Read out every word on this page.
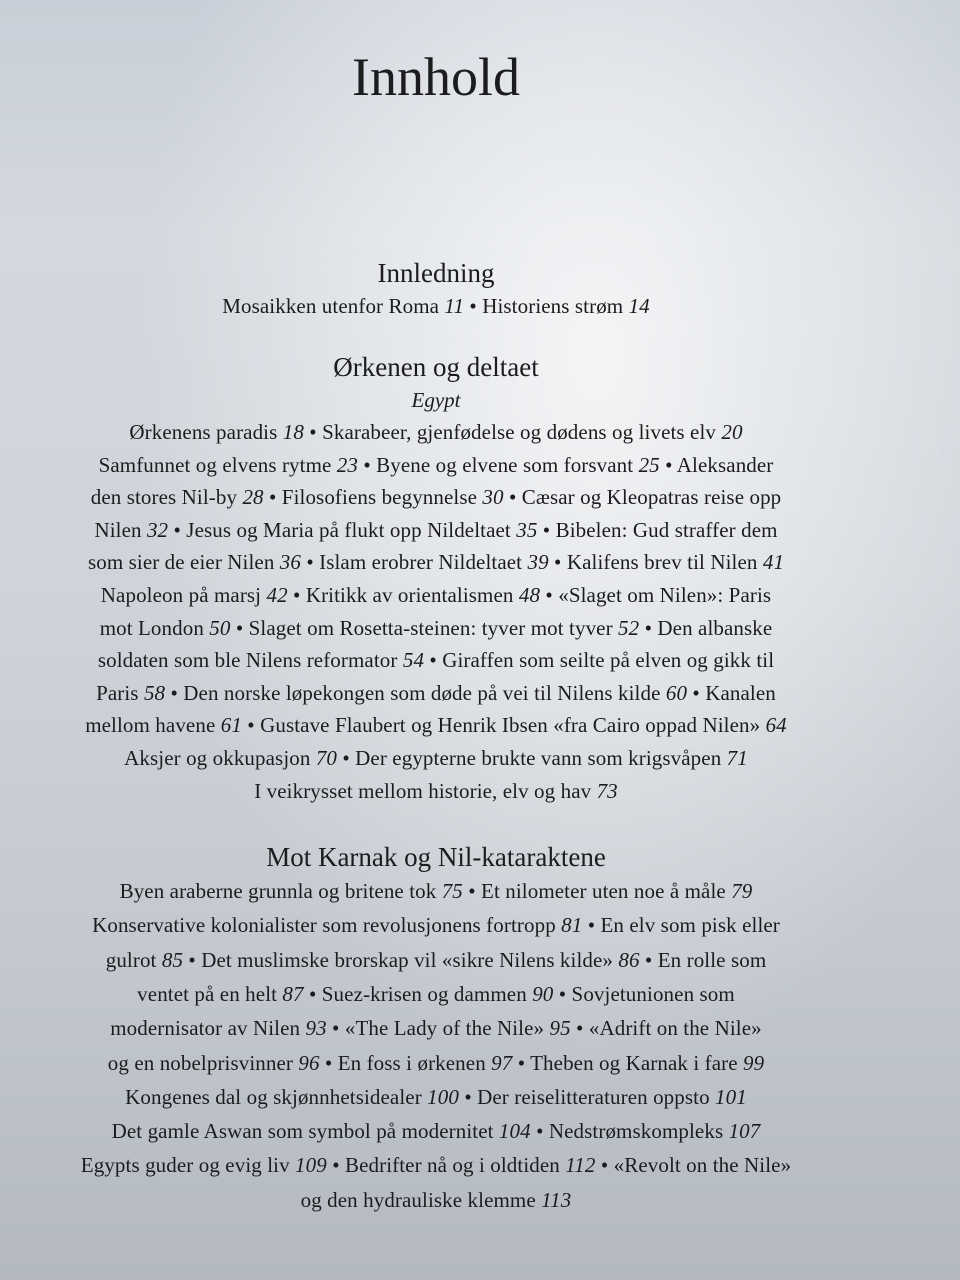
Innhold
Innledning
Mosaikken utenfor Roma 11 • Historiens strøm 14
Ørkenen og deltaet
Egypt
Ørkenens paradis 18 • Skarabeer, gjenfødelse og dødens og livets elv 20
Samfunnet og elvens rytme 23 • Byene og elvene som forsvant 25 • Aleksander
den stores Nil-by 28 • Filosofiens begynnelse 30 • Cæsar og Kleopatras reise opp
Nilen 32 • Jesus og Maria på flukt opp Nildeltaet 35 • Bibelen: Gud straffer dem
som sier de eier Nilen 36 • Islam erobrer Nildeltaet 39 • Kalifens brev til Nilen 41
Napoleon på marsj 42 • Kritikk av orientalismen 48 • «Slaget om Nilen»: Paris
mot London 50 • Slaget om Rosetta-steinen: tyver mot tyver 52 • Den albanske
soldaten som ble Nilens reformator 54 • Giraffen som seilte på elven og gikk til
Paris 58 • Den norske løpekongen som døde på vei til Nilens kilde 60 • Kanalen
mellom havene 61 • Gustave Flaubert og Henrik Ibsen «fra Cairo oppad Nilen» 64
Aksjer og okkupasjon 70 • Der egypterne brukte vann som krigsvåpen 71
I veikrysset mellom historie, elv og hav 73
Mot Karnak og Nil-kataraktene
Byen araberne grunnla og britene tok 75 • Et nilometer uten noe å måle 79
Konservative kolonialister som revolusjonens fortropp 81 • En elv som pisk eller
gulrot 85 • Det muslimske brorskap vil «sikre Nilens kilde» 86 • En rolle som
ventet på en helt 87 • Suez-krisen og dammen 90 • Sovjetunionen som
modernisator av Nilen 93 • «The Lady of the Nile» 95 • «Adrift on the Nile»
og en nobelprisvinner 96 • En foss i ørkenen 97 • Theben og Karnak i fare 99
Kongenes dal og skjønnhetsidealer 100 • Der reiselitteraturen oppsto 101
Det gamle Aswan som symbol på modernitet 104 • Nedstrømskompleks 107
Egypts guder og evig liv 109 • Bedrifter nå og i oldtiden 112 • «Revolt on the Nile»
og den hydrauliske klemme 113
